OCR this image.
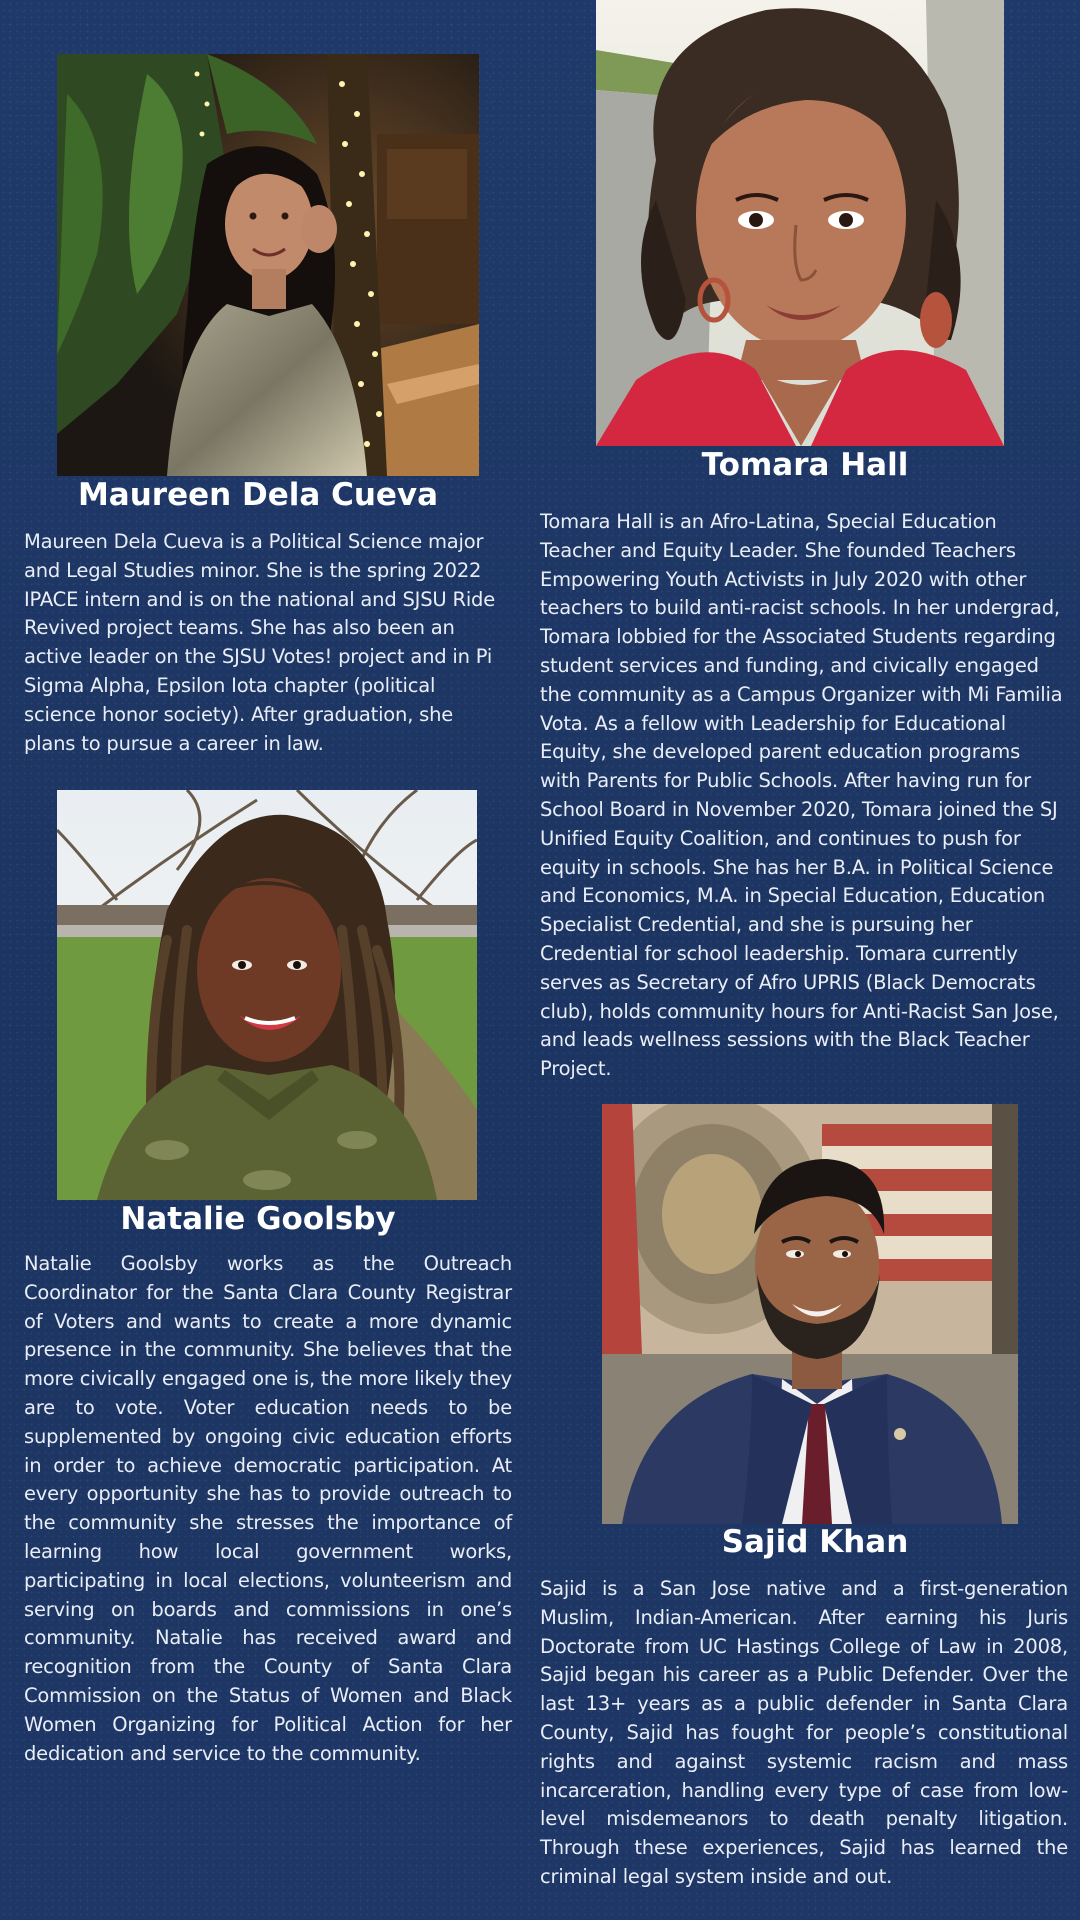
Maureen Dela Cueva

Maureen Dela Cueva is a Political Science major and Legal Studies minor. She is the spring 2022 IPACE intern and is on the national and SJSU Ride Revived project teams. She has also been an active leader on the SJSU Votes! project and in Pi Sigma Alpha, Epsilon Iota chapter (political science honor society). After graduation, she plans to pursue a career in law.

Tomara Hall

Tomara Hall is an Afro-Latina, Special Education Teacher and Equity Leader. She founded Teachers Empowering Youth Activists in July 2020 with other teachers to build anti-racist schools. In her undergrad, Tomara lobbied for the Associated Students regarding student services and funding, and civically engaged the community as a Campus Organizer with Mi Familia Vota. As a fellow with Leadership for Educational Equity, she developed parent education programs with Parents for Public Schools. After having run for School Board in November 2020, Tomara joined the SJ Unified Equity Coalition, and continues to push for equity in schools. She has her B.A. in Political Science and Economics, M.A. in Special Education, Education Specialist Credential, and she is pursuing her Credential for school leadership. Tomara currently serves as Secretary of Afro UPRIS (Black Democrats club), holds community hours for Anti-Racist San Jose, and leads wellness sessions with the Black Teacher Project.

Natalie Goolsby

Natalie Goolsby works as the Outreach Coordinator for the Santa Clara County Registrar of Voters and wants to create a more dynamic presence in the community. She believes that the more civically engaged one is, the more likely they are to vote. Voter education needs to be supplemented by ongoing civic education efforts in order to achieve democratic participation. At every opportunity she has to provide outreach to the community she stresses the importance of learning how local government works, participating in local elections, volunteerism and serving on boards and commissions in one’s community. Natalie has received award and recognition from the County of Santa Clara Commission on the Status of Women and Black Women Organizing for Political Action for her dedication and service to the community.

Sajid Khan

Sajid is a San Jose native and a first-generation Muslim, Indian-American. After earning his Juris Doctorate from UC Hastings College of Law in 2008, Sajid began his career as a Public Defender. Over the last 13+ years as a public defender in Santa Clara County, Sajid has fought for people’s constitutional rights and against systemic racism and mass incarceration, handling every type of case from low-level misdemeanors to death penalty litigation. Through these experiences, Sajid has learned the criminal legal system inside and out.
